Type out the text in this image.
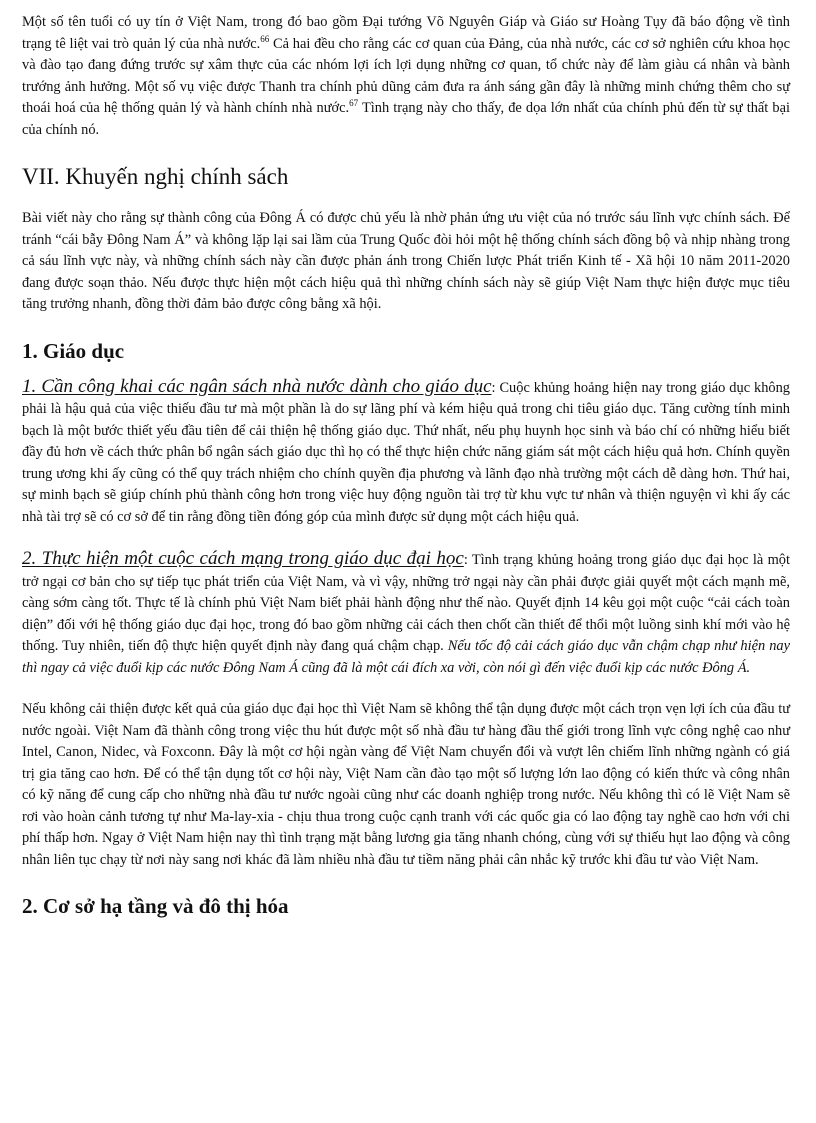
Một số tên tuổi có uy tín ở Việt Nam, trong đó bao gồm Đại tướng Võ Nguyên Giáp và Giáo sư Hoàng Tụy đã báo động về tình trạng tê liệt vai trò quản lý của nhà nước.$^{66}$ Cả hai đều cho rằng các cơ quan của Đảng, của nhà nước, các cơ sở nghiên cứu khoa học và đào tạo đang đứng trước sự xâm thực của các nhóm lợi ích lợi dụng những cơ quan, tổ chức này để làm giàu cá nhân và bành trướng ảnh hưởng. Một số vụ việc được Thanh tra chính phủ dũng cảm đưa ra ánh sáng gần đây là những minh chứng thêm cho sự thoái hoá của hệ thống quản lý và hành chính nhà nước.$^{67}$ Tình trạng này cho thấy, đe dọa lớn nhất của chính phủ đến từ sự thất bại của chính nó.

VII. Khuyến nghị chính sách

Bài viết này cho rằng sự thành công của Đông Á có được chủ yếu là nhờ phản ứng ưu việt của nó trước sáu lĩnh vực chính sách. Để tránh “cái bẫy Đông Nam Á” và không lặp lại sai lầm của Trung Quốc đòi hỏi một hệ thống chính sách đồng bộ và nhịp nhàng trong cả sáu lĩnh vực này, và những chính sách này cần được phản ánh trong Chiến lược Phát triển Kinh tế - Xã hội 10 năm 2011-2020 đang được soạn thảo. Nếu được thực hiện một cách hiệu quả thì những chính sách này sẽ giúp Việt Nam thực hiện được mục tiêu tăng trưởng nhanh, đồng thời đảm bảo được công bằng xã hội.

1. Giáo dục

1. Cần công khai các ngân sách nhà nước dành cho giáo dục: Cuộc khủng hoảng hiện nay trong giáo dục không phải là hậu quả của việc thiếu đầu tư mà một phần là do sự lãng phí và kém hiệu quả trong chi tiêu giáo dục. Tăng cường tính minh bạch là một bước thiết yếu đầu tiên để cải thiện hệ thống giáo dục. Thứ nhất, nếu phụ huynh học sinh và báo chí có những hiểu biết đầy đủ hơn về cách thức phân bổ ngân sách giáo dục thì họ có thể thực hiện chức năng giám sát một cách hiệu quả hơn. Chính quyền trung ương khi ấy cũng có thể quy trách nhiệm cho chính quyền địa phương và lãnh đạo nhà trường một cách dễ dàng hơn. Thứ hai, sự minh bạch sẽ giúp chính phủ thành công hơn trong việc huy động nguồn tài trợ từ khu vực tư nhân và thiện nguyện vì khi ấy các nhà tài trợ sẽ có cơ sở để tin rằng đồng tiền đóng góp của mình được sử dụng một cách hiệu quả.

2. Thực hiện một cuộc cách mạng trong giáo dục đại học: Tình trạng khủng hoảng trong giáo dục đại học là một trở ngại cơ bản cho sự tiếp tục phát triển của Việt Nam, và vì vậy, những trở ngại này cần phải được giải quyết một cách mạnh mẽ, càng sớm càng tốt. Thực tế là chính phủ Việt Nam biết phải hành động như thế nào. Quyết định 14 kêu gọi một cuộc “cải cách toàn diện” đối với hệ thống giáo dục đại học, trong đó bao gồm những cải cách then chốt cần thiết để thổi một luồng sinh khí mới vào hệ thống. Tuy nhiên, tiến độ thực hiện quyết định này đang quá chậm chạp. Nếu tốc độ cải cách giáo dục vẫn chậm chạp như hiện nay thì ngay cả việc đuổi kịp các nước Đông Nam Á cũng đã là một cái đích xa vời, còn nói gì đến việc đuổi kịp các nước Đông Á.

Nếu không cải thiện được kết quả của giáo dục đại học thì Việt Nam sẽ không thể tận dụng được một cách trọn vẹn lợi ích của đầu tư nước ngoài. Việt Nam đã thành công trong việc thu hút được một số nhà đầu tư hàng đầu thế giới trong lĩnh vực công nghệ cao như Intel, Canon, Nidec, và Foxconn. Đây là một cơ hội ngàn vàng để Việt Nam chuyển đổi và vượt lên chiếm lĩnh những ngành có giá trị gia tăng cao hơn. Để có thể tận dụng tốt cơ hội này, Việt Nam cần đào tạo một số lượng lớn lao động có kiến thức và công nhân có kỹ năng để cung cấp cho những nhà đầu tư nước ngoài cũng như các doanh nghiệp trong nước. Nếu không thì có lẽ Việt Nam sẽ rơi vào hoàn cảnh tương tự như Ma-lay-xia - chịu thua trong cuộc cạnh tranh với các quốc gia có lao động tay nghề cao hơn với chi phí thấp hơn. Ngay ở Việt Nam hiện nay thì tình trạng mặt bằng lương gia tăng nhanh chóng, cùng với sự thiếu hụt lao động và công nhân liên tục chạy từ nơi này sang nơi khác đã làm nhiều nhà đầu tư tiềm năng phải cân nhắc kỹ trước khi đầu tư vào Việt Nam.

2. Cơ sở hạ tầng và đô thị hóa
